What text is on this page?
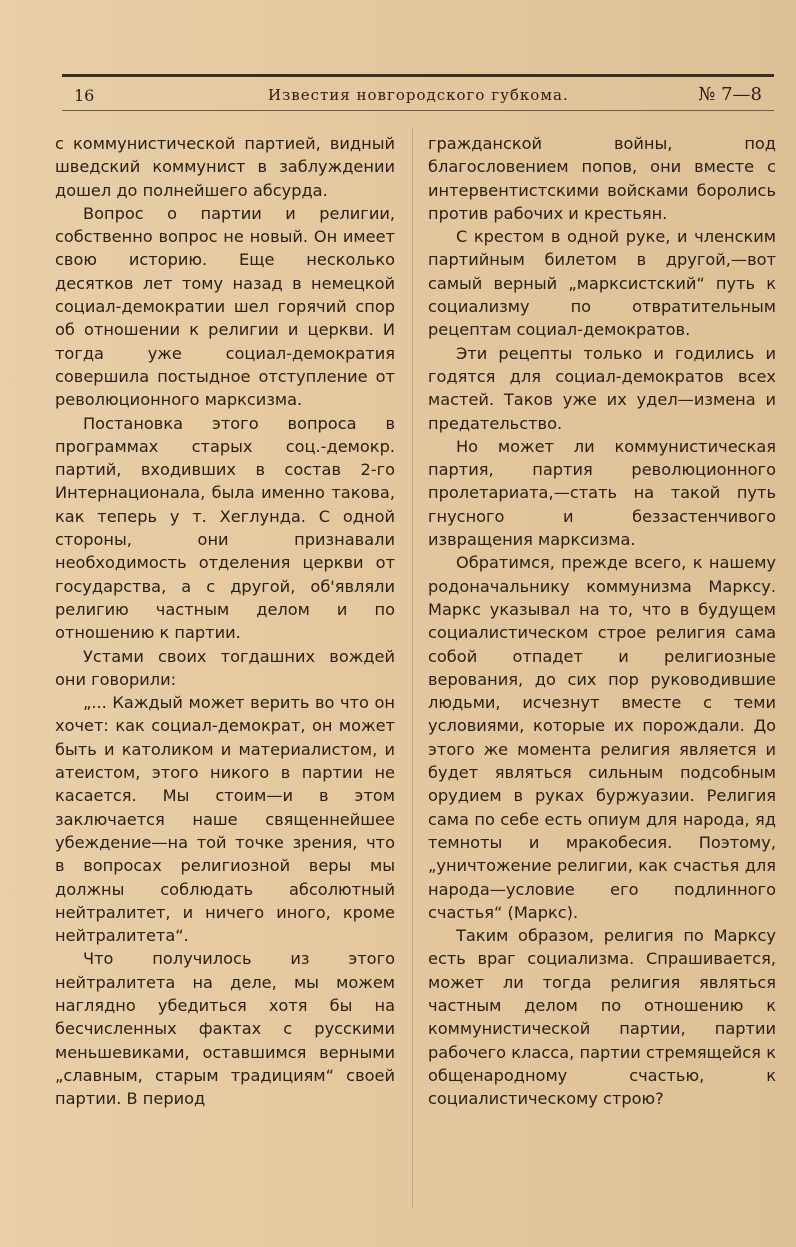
16	Известия новгородского губкома.	№ 7—8

с коммунистической партией, видный шведский коммунист в заблуждении дошел до полнейшего абсурда.

Вопрос о партии и религии, собственно вопрос не новый. Он имеет свою историю. Еще несколько десятков лет тому назад в немецкой социал-демократии шел горячий спор об отношении к религии и церкви. И тогда уже социал-демократия совершила постыдное отступление от революционного марксизма.

Постановка этого вопроса в программах старых соц.-демокр. партий, входивших в состав 2-го Интернационала, была именно такова, как теперь у т. Хеглунда. С одной стороны, они признавали необходимость отделения церкви от государства, а с другой, об'являли религию частным делом и по отношению к партии.

Устами своих тогдашних вождей они говорили:

„... Каждый может верить во что он хочет: как социал-демократ, он может быть и католиком и материалистом, и атеистом, этого никого в партии не касается. Мы стоим—и в этом заключается наше священнейшее убеждение—на той точке зрения, что в вопросах религиозной веры мы должны соблюдать абсолютный нейтралитет, и ничего иного, кроме нейтралитета“.

Что получилось из этого нейтралитета на деле, мы можем наглядно убедиться хотя бы на бесчисленных фактах с русскими меньшевиками, оставшимся верными „славным, старым традициям“ своей партии. В период

гражданской войны, под благословением попов, они вместе с интервентистскими войсками боролись против рабочих и крестьян.

С крестом в одной руке, и членским партийным билетом в другой,—вот самый верный „марксистский“ путь к социализму по отвратительным рецептам социал-демократов.

Эти рецепты только и годились и годятся для социал-демократов всех мастей. Таков уже их удел—измена и предательство.

Но может ли коммунистическая партия, партия революционного пролетариата,—стать на такой путь гнусного и беззастенчивого извращения марксизма.

Обратимся, прежде всего, к нашему родоначальнику коммунизма Марксу. Маркс указывал на то, что в будущем социалистическом строе религия сама собой отпадет и религиозные верования, до сих пор руководившие людьми, исчезнут вместе с теми условиями, которые их порождали. До этого же момента религия является и будет являться сильным подсобным орудием в руках буржуазии. Религия сама по себе есть опиум для народа, яд темноты и мракобесия. Поэтому, „уничтожение религии, как счастья для народа—условие его подлинного счастья“ (Маркс).

Таким образом, религия по Марксу есть враг социализма. Спрашивается, может ли тогда религия являться частным делом по отношению к коммунистической партии, партии рабочего класса, партии стремящейся к общенародному счастью, к социалистическому строю?
